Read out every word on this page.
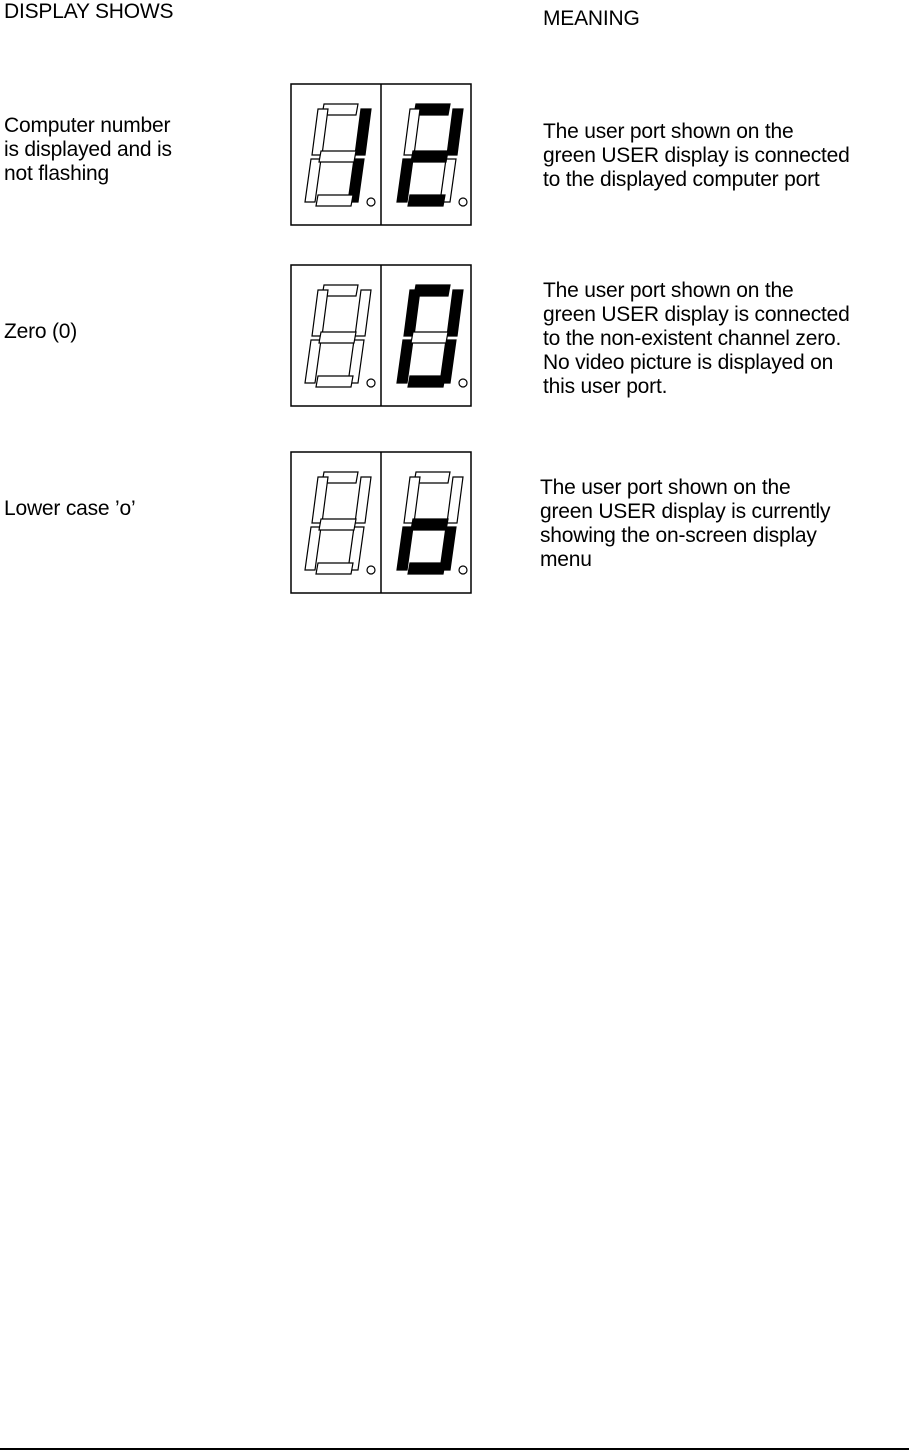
DISPLAY SHOWS	MEANING
Computer number
is displayed and is
not flashing
The user port shown on the
green USER display is connected
to the displayed computer port
Zero (0)
The user port shown on the
green USER display is connected
to the non-existent channel zero.
No video picture is displayed on
this user port.
Lower case ’o’
The user port shown on the
green USER display is currently
showing the on-screen display
menu
